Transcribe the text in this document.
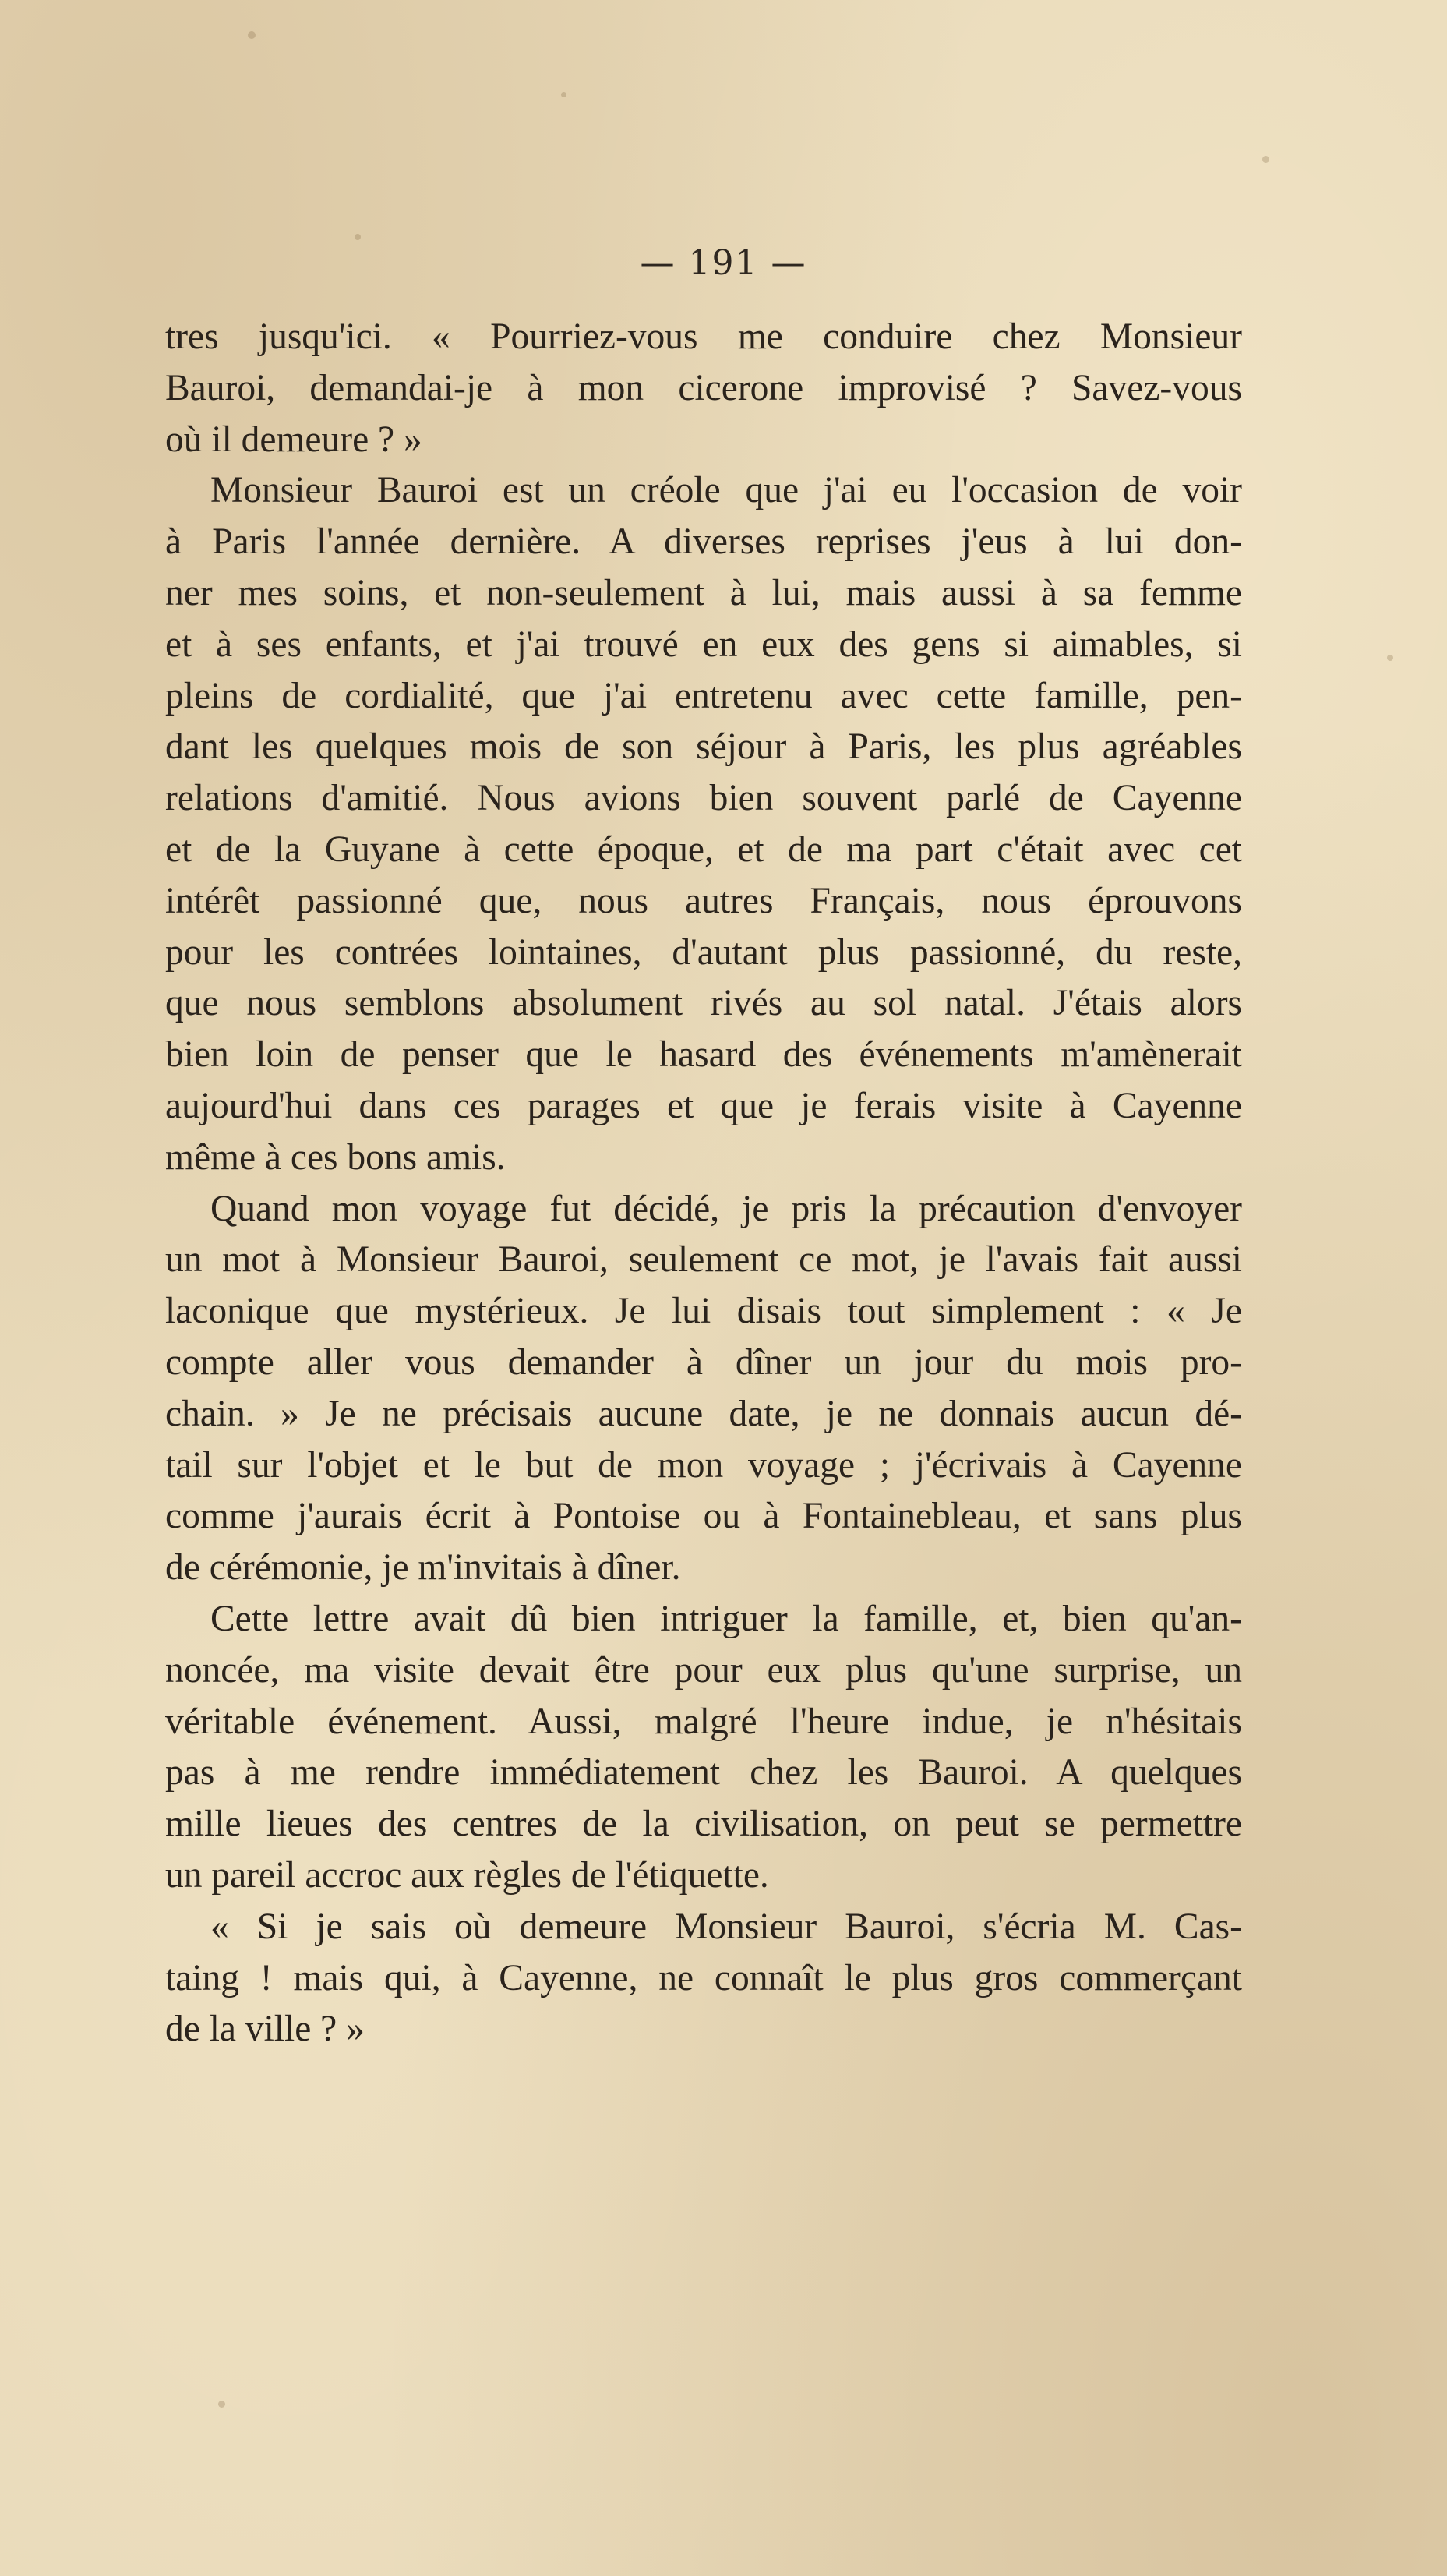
— 191 —
tres jusqu'ici. « Pourriez-vous me conduire chez Monsieur
Bauroi, demandai-je à mon cicerone improvisé ? Savez-vous
où il demeure ? »
Monsieur Bauroi est un créole que j'ai eu l'occasion de voir
à Paris l'année dernière. A diverses reprises j'eus à lui don-
ner mes soins, et non-seulement à lui, mais aussi à sa femme
et à ses enfants, et j'ai trouvé en eux des gens si aimables, si
pleins de cordialité, que j'ai entretenu avec cette famille, pen-
dant les quelques mois de son séjour à Paris, les plus agréables
relations d'amitié. Nous avions bien souvent parlé de Cayenne
et de la Guyane à cette époque, et de ma part c'était avec cet
intérêt passionné que, nous autres Français, nous éprouvons
pour les contrées lointaines, d'autant plus passionné, du reste,
que nous semblons absolument rivés au sol natal. J'étais alors
bien loin de penser que le hasard des événements m'amènerait
aujourd'hui dans ces parages et que je ferais visite à Cayenne
même à ces bons amis.
Quand mon voyage fut décidé, je pris la précaution d'envoyer
un mot à Monsieur Bauroi, seulement ce mot, je l'avais fait aussi
laconique que mystérieux. Je lui disais tout simplement : « Je
compte aller vous demander à dîner un jour du mois pro-
chain. » Je ne précisais aucune date, je ne donnais aucun dé-
tail sur l'objet et le but de mon voyage ; j'écrivais à Cayenne
comme j'aurais écrit à Pontoise ou à Fontainebleau, et sans plus
de cérémonie, je m'invitais à dîner.
Cette lettre avait dû bien intriguer la famille, et, bien qu'an-
noncée, ma visite devait être pour eux plus qu'une surprise, un
véritable événement. Aussi, malgré l'heure indue, je n'hésitais
pas à me rendre immédiatement chez les Bauroi. A quelques
mille lieues des centres de la civilisation, on peut se permettre
un pareil accroc aux règles de l'étiquette.
« Si je sais où demeure Monsieur Bauroi, s'écria M. Cas-
taing ! mais qui, à Cayenne, ne connaît le plus gros commerçant
de la ville ? »
